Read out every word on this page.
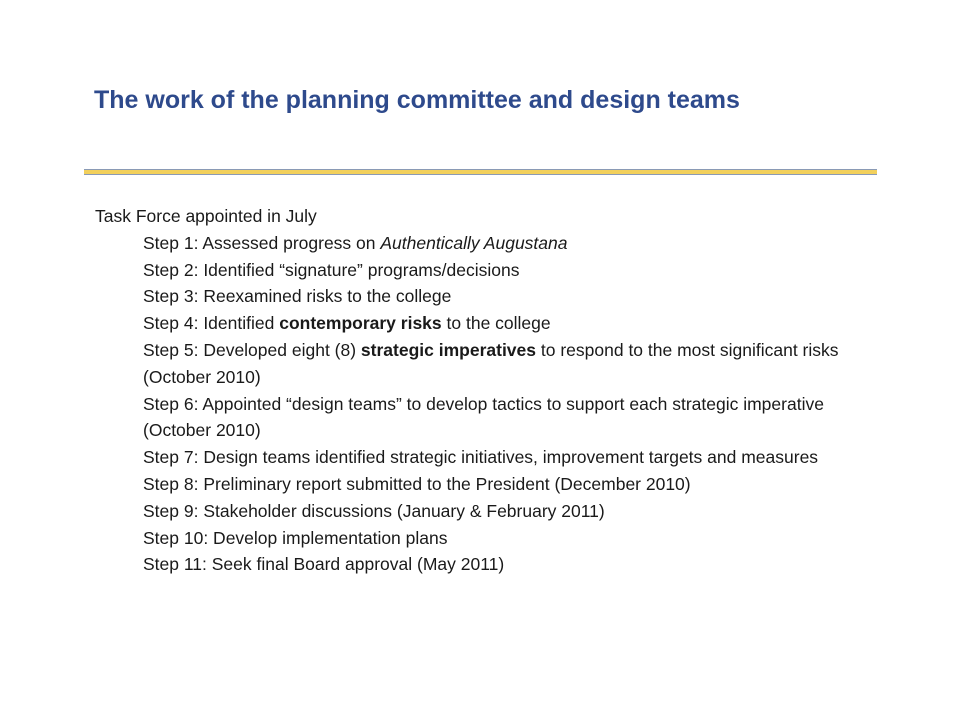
The work of the planning committee and design teams

Task Force appointed in July

Step 1: Assessed progress on Authentically Augustana
Step 2: Identified “signature” programs/decisions
Step 3: Reexamined risks to the college
Step 4: Identified contemporary risks to the college
Step 5: Developed eight (8) strategic imperatives to respond to the most significant risks (October 2010)
Step 6: Appointed “design teams” to develop tactics to support each strategic imperative (October 2010)
Step 7: Design teams identified strategic initiatives, improvement targets and measures
Step 8: Preliminary report submitted to the President (December 2010)
Step 9: Stakeholder discussions (January & February 2011)
Step 10: Develop implementation plans
Step 11: Seek final Board approval (May 2011)
